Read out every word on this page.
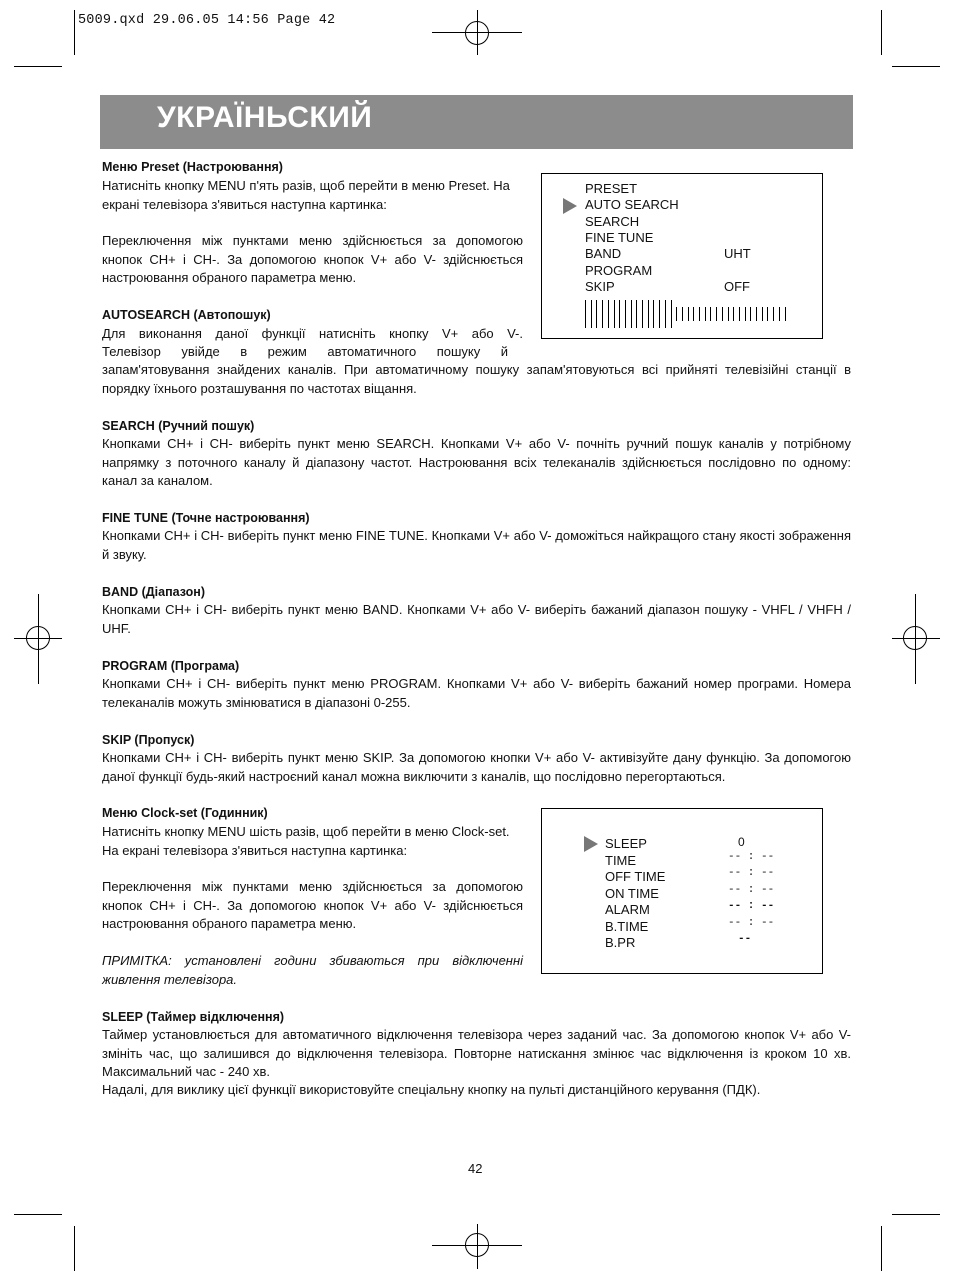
5009.qxd 29.06.05 14:56 Page 42
УКРАЇНЬСКИЙ
Меню Preset (Настроювання)
Натисніть кнопку MENU п'ять разів, щоб перейти в меню Preset. На екрані телевізора з'явиться наступна картинка:
Переключення між пунктами меню здійснюється за допомогою кнопок CH+ і CH-. За допомогою кнопок V+ або V- здійснюється настроювання обраного параметра меню.
AUTOSEARCH (Автопошук)
Для виконання даної функції натисніть кнопку V+ або V-.
Телевізор увійде в режим автоматичного пошуку й
запам'ятовування знайдених каналів. При автоматичному пошуку запам'ятовуються всі прийняті телевізійні станції в порядку їхнього розташування по частотах віщання.
PRESET
AUTO SEARCH
SEARCH
FINE TUNE
BAND	UHT
PROGRAM
SKIP	OFF
SEARCH (Ручний пошук)
Кнопками CH+ і CH- виберіть пункт меню SEARCH. Кнопками V+ або V- почніть ручний пошук каналів у потрібному напрямку з поточного каналу й діапазону частот. Настроювання всіх телеканалів здійснюється послідовно по одному: канал за каналом.
FINE TUNE (Точне настроювання)
Кнопками CH+ і CH- виберіть пункт меню FINE TUNE. Кнопками V+ або V- доможіться найкращого стану якості зображення й звуку.
BAND (Діапазон)
Кнопками CH+ і CH- виберіть пункт меню BAND. Кнопками V+ або V- виберіть бажаний діапазон пошуку - VHFL / VHFH / UHF.
PROGRAM (Програма)
Кнопками CH+ і CH- виберіть пункт меню PROGRAM. Кнопками V+ або V- виберіть бажаний номер програми. Номера телеканалів можуть змінюватися в діапазоні 0-255.
SKIP (Пропуск)
Кнопками CH+ і CH- виберіть пункт меню SKIP. За допомогою кнопки V+ або V- активізуйте дану функцію. За допомогою даної функції будь-який настроєний канал можна виключити з каналів, що послідовно перегортаються.
Меню Clock-set (Годинник)
Натисніть кнопку MENU шість разів, щоб перейти в меню Clock-set. На екрані телевізора з'явиться наступна картинка:
Переключення між пунктами меню здійснюється за допомогою кнопок CH+ і CH-. За допомогою кнопок V+ або V- здійснюється настроювання обраного параметра меню.
ПРИМІТКА: установлені години збиваються при відключенні живлення телевізора.
SLEEP	0
TIME	-- : --
OFF TIME	-- : --
ON TIME	-- : --
ALARM	-- : --
B.TIME	-- : --
B.PR	--
SLEEP (Таймер відключення)
Таймер установлюється для автоматичного відключення телевізора через заданий час. За допомогою кнопок V+ або V- змініть час, що залишився до відключення телевізора. Повторне натискання змінює час відключення із кроком 10 хв. Максимальний час - 240 хв.
Надалі, для виклику цієї функції використовуйте спеціальну кнопку на пульті дистанційного керування (ПДК).
42
